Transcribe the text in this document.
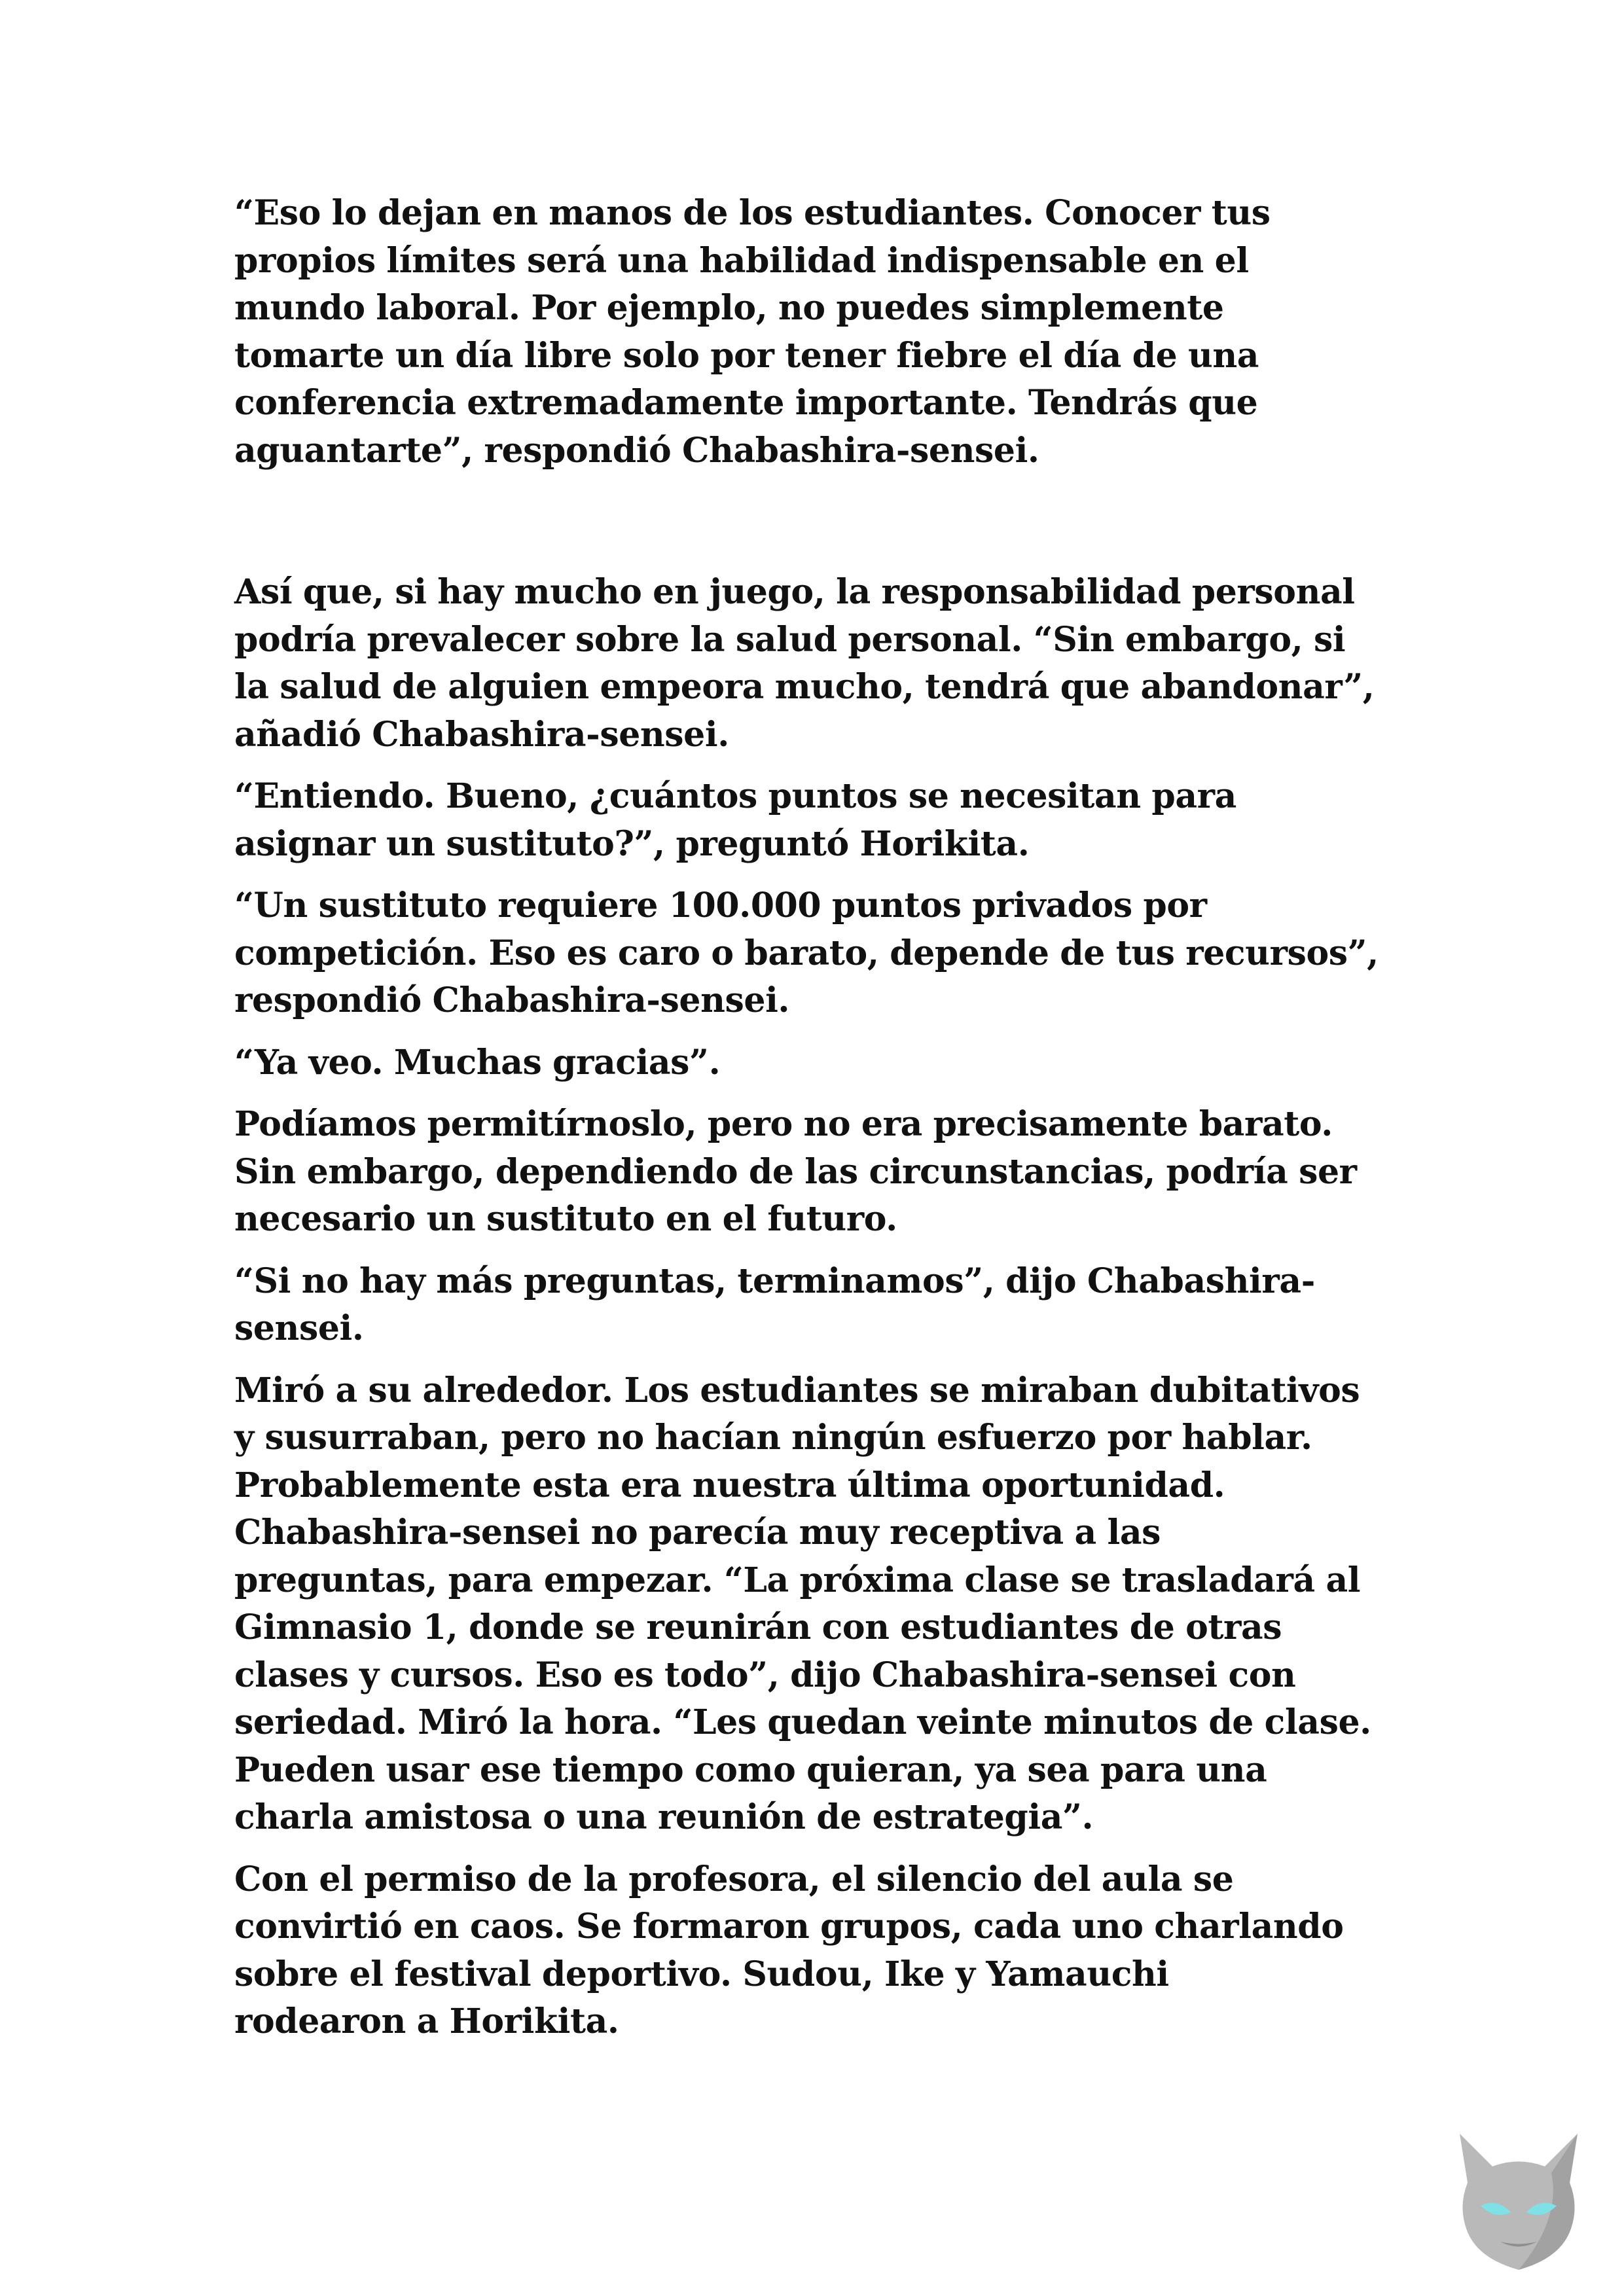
“Eso lo dejan en manos de los estudiantes. Conocer tus
propios límites será una habilidad indispensable en el
mundo laboral. Por ejemplo, no puedes simplemente
tomarte un día libre solo por tener fiebre el día de una
conferencia extremadamente importante. Tendrás que
aguantarte”, respondió Chabashira-sensei.

Así que, si hay mucho en juego, la responsabilidad personal
podría prevalecer sobre la salud personal. “Sin embargo, si
la salud de alguien empeora mucho, tendrá que abandonar”,
añadió Chabashira-sensei.

“Entiendo. Bueno, ¿cuántos puntos se necesitan para
asignar un sustituto?”, preguntó Horikita.

“Un sustituto requiere 100.000 puntos privados por
competición. Eso es caro o barato, depende de tus recursos”,
respondió Chabashira-sensei.

“Ya veo. Muchas gracias”.

Podíamos permitírnoslo, pero no era precisamente barato.
Sin embargo, dependiendo de las circunstancias, podría ser
necesario un sustituto en el futuro.

“Si no hay más preguntas, terminamos”, dijo Chabashira-
sensei.

Miró a su alrededor. Los estudiantes se miraban dubitativos
y susurraban, pero no hacían ningún esfuerzo por hablar.
Probablemente esta era nuestra última oportunidad.
Chabashira-sensei no parecía muy receptiva a las
preguntas, para empezar. “La próxima clase se trasladará al
Gimnasio 1, donde se reunirán con estudiantes de otras
clases y cursos. Eso es todo”, dijo Chabashira-sensei con
seriedad. Miró la hora. “Les quedan veinte minutos de clase.
Pueden usar ese tiempo como quieran, ya sea para una
charla amistosa o una reunión de estrategia”.

Con el permiso de la profesora, el silencio del aula se
convirtió en caos. Se formaron grupos, cada uno charlando
sobre el festival deportivo. Sudou, Ike y Yamauchi
rodearon a Horikita.
